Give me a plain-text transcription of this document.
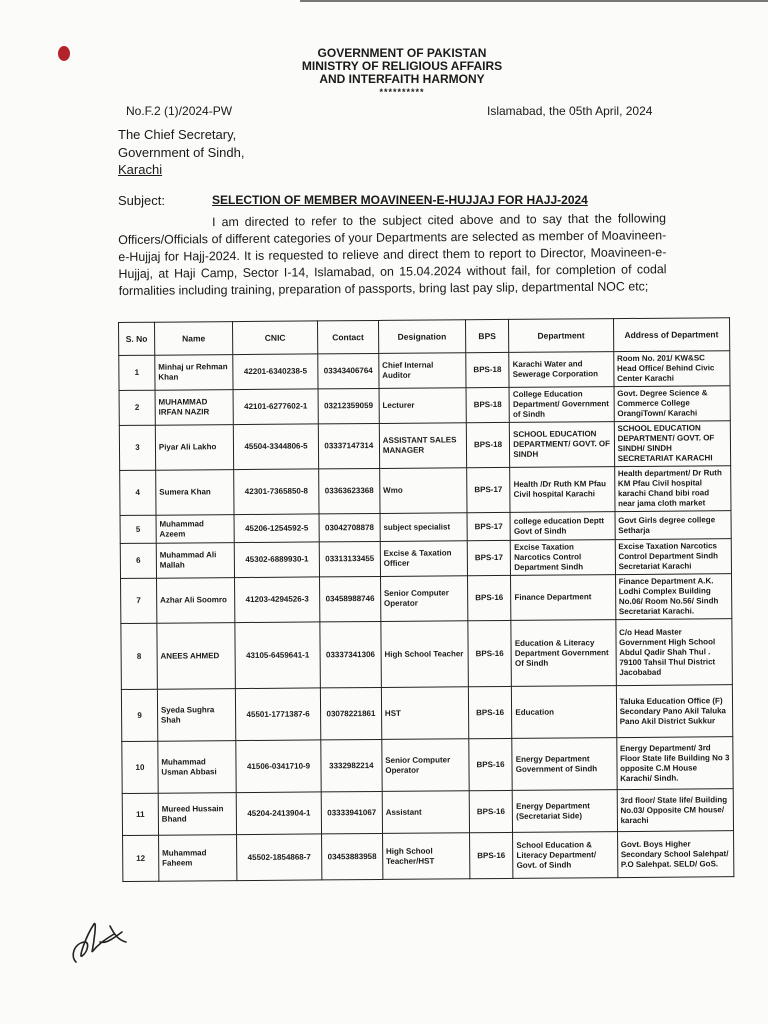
GOVERNMENT OF PAKISTAN
MINISTRY OF RELIGIOUS AFFAIRS
AND INTERFAITH HARMONY
**********
No.F.2 (1)/2024-PW	Islamabad, the 05th April, 2024
The Chief Secretary,
Government of Sindh,
Karachi
Subject:	SELECTION OF MEMBER MOAVINEEN-E-HUJJAJ FOR HAJJ-2024
I am directed to refer to the subject cited above and to say that the following Officers/Officials of different categories of your Departments are selected as member of Moavineen-e-Hujjaj for Hajj-2024. It is requested to relieve and direct them to report to Director, Moavineen-e-Hujjaj, at Haji Camp, Sector I-14, Islamabad, on 15.04.2024 without fail, for completion of codal formalities including training, preparation of passports, bring last pay slip, departmental NOC etc;
S. No	Name	CNIC	Contact	Designation	BPS	Department	Address of Department
1	Minhaj ur Rehman Khan	42201-6340238-5	03343406764	Chief Internal Auditor	BPS-18	Karachi Water and Sewerage Corporation	Room No. 201/ KW&SC Head Office/ Behind Civic Center Karachi
2	MUHAMMAD IRFAN NAZIR	42101-6277602-1	03212359059	Lecturer	BPS-18	College Education Department/ Government of Sindh	Govt. Degree Science & Commerce College OrangiTown/ Karachi
3	Piyar Ali Lakho	45504-3344806-5	03337147314	ASSISTANT SALES MANAGER	BPS-18	SCHOOL EDUCATION DEPARTMENT/ GOVT. OF SINDH	SCHOOL EDUCATION DEPARTMENT/ GOVT. OF SINDH/ SINDH SECRETARIAT KARACHI
4	Sumera Khan	42301-7365850-8	03363623368	Wmo	BPS-17	Health /Dr Ruth KM Pfau Civil hospital Karachi	Health department/ Dr Ruth KM Pfau Civil hospital karachi Chand bibi road near jama cloth market
5	Muhammad Azeem	45206-1254592-5	03042708878	subject specialist	BPS-17	college education Deptt Govt of Sindh	Govt Girls degree college Setharja
6	Muhammad Ali Mallah	45302-6889930-1	03313133455	Excise & Taxation Officer	BPS-17	Excise Taxation Narcotics Control Department Sindh	Excise Taxation Narcotics Control Department Sindh Secretariat Karachi
7	Azhar Ali Soomro	41203-4294526-3	03458988746	Senior Computer Operator	BPS-16	Finance Department	Finance Department A.K. Lodhi Complex Building No.06/ Room No.56/ Sindh Secretariat Karachi.
8	ANEES AHMED	43105-6459641-1	03337341306	High School Teacher	BPS-16	Education & Literacy Department Government Of Sindh	C/o Head Master Government High School Abdul Qadir Shah Thul . 79100 Tahsil Thul District Jacobabad
9	Syeda Sughra Shah	45501-1771387-6	03078221861	HST	BPS-16	Education	Taluka Education Office (F) Secondary Pano Akil Taluka Pano Akil District Sukkur
10	Muhammad Usman Abbasi	41506-0341710-9	3332982214	Senior Computer Operator	BPS-16	Energy Department Government of Sindh	Energy Department/ 3rd Floor State life Building No 3 opposite C.M House Karachi/ Sindh.
11	Mureed Hussain Bhand	45204-2413904-1	03333941067	Assistant	BPS-16	Energy Department (Secretariat Side)	3rd floor/ State life/ Building No.03/ Opposite CM house/ karachi
12	Muhammad Faheem	45502-1854868-7	03453883958	High School Teacher/HST	BPS-16	School Education & Literacy Department/ Govt. of Sindh	Govt. Boys Higher Secondary School Salehpat/ P.O Salehpat. SELD/ GoS.
